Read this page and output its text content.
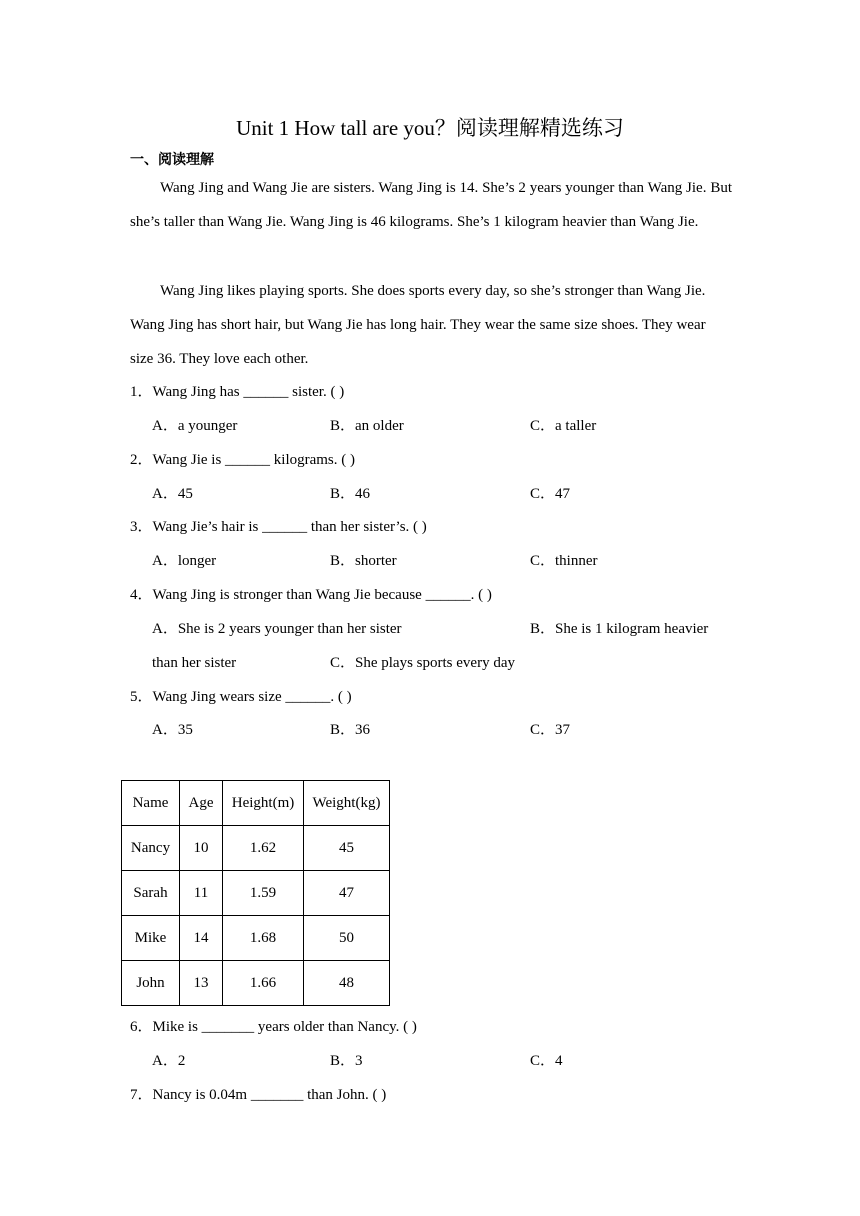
Unit 1 How tall are you？阅读理解精选练习
一、阅读理解
Wang Jing and Wang Jie are sisters. Wang Jing is 14. She’s 2 years younger than Wang Jie. But she’s taller than Wang Jie. Wang Jing is 46 kilograms. She’s 1 kilogram heavier than Wang Jie.
Wang Jing likes playing sports. She does sports every day, so she’s stronger than Wang Jie. Wang Jing has short hair, but Wang Jie has long hair. They wear the same size shoes. They wear size 36. They love each other.
1．Wang Jing has ______ sister. ( )
A．a younger	B．an older	C．a taller
2．Wang Jie is ______ kilograms. ( )
A．45	B．46	C．47
3．Wang Jie’s hair is ______ than her sister’s. ( )
A．longer	B．shorter	C．thinner
4．Wang Jing is stronger than Wang Jie because ______. ( )
A．She is 2 years younger than her sister	B．She is 1 kilogram heavier
than her sister	C．She plays sports every day
5．Wang Jing wears size ______. ( )
A．35	B．36	C．37
Name	Age	Height(m)	Weight(kg)
Nancy	10	1.62	45
Sarah	11	1.59	47
Mike	14	1.68	50
John	13	1.66	48
6．Mike is _______ years older than Nancy. ( )
A．2	B．3	C．4
7．Nancy is 0.04m _______ than John. ( )
